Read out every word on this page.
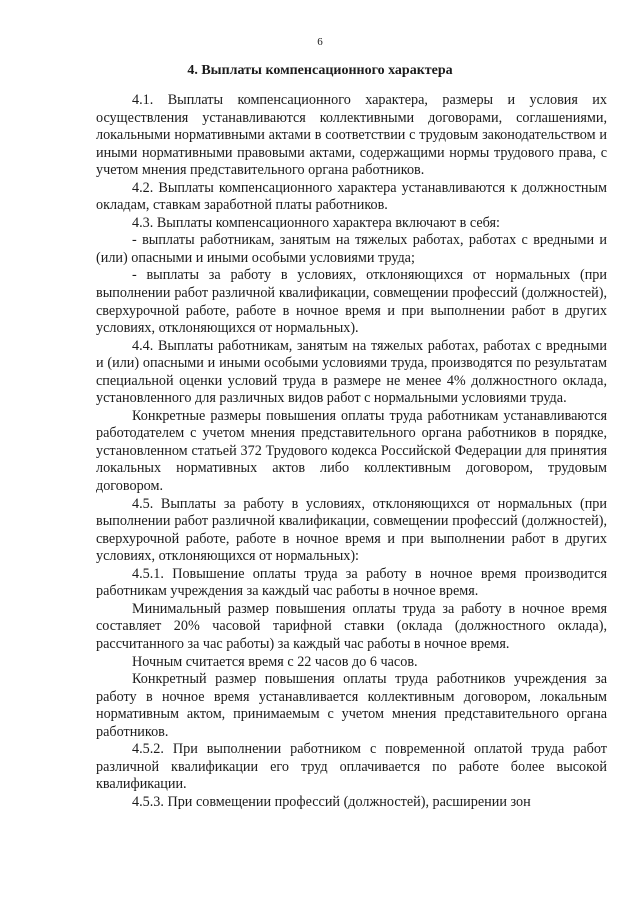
6
4. Выплаты компенсационного характера

4.1. Выплаты компенсационного характера, размеры и условия их осуществления устанавливаются коллективными договорами, соглашениями, локальными нормативными актами в соответствии с трудовым законодательством и иными нормативными правовыми актами, содержащими нормы трудового права, с учетом мнения представительного органа работников.

4.2. Выплаты компенсационного характера устанавливаются к должностным окладам, ставкам заработной платы работников.

4.3. Выплаты компенсационного характера включают в себя:

- выплаты работникам, занятым на тяжелых работах, работах с вредными и (или) опасными и иными особыми условиями труда;

- выплаты за работу в условиях, отклоняющихся от нормальных (при выполнении работ различной квалификации, совмещении профессий (должностей), сверхурочной работе, работе в ночное время и при выполнении работ в других условиях, отклоняющихся от нормальных).

4.4. Выплаты работникам, занятым на тяжелых работах, работах с вредными и (или) опасными и иными особыми условиями труда, производятся по результатам специальной оценки условий труда в размере не менее 4% должностного оклада, установленного для различных видов работ с нормальными условиями труда.

Конкретные размеры повышения оплаты труда работникам устанавливаются работодателем с учетом мнения представительного органа работников в порядке, установленном статьей 372 Трудового кодекса Российской Федерации для принятия локальных нормативных актов либо коллективным договором, трудовым договором.

4.5. Выплаты за работу в условиях, отклоняющихся от нормальных (при выполнении работ различной квалификации, совмещении профессий (должностей), сверхурочной работе, работе в ночное время и при выполнении работ в других условиях, отклоняющихся от нормальных):

4.5.1. Повышение оплаты труда за работу в ночное время производится работникам учреждения за каждый час работы в ночное время.

Минимальный размер повышения оплаты труда за работу в ночное время составляет 20% часовой тарифной ставки (оклада (должностного оклада), рассчитанного за час работы) за каждый час работы в ночное время.

Ночным считается время с 22 часов до 6 часов.

Конкретный размер повышения оплаты труда работников учреждения за работу в ночное время устанавливается коллективным договором, локальным нормативным актом, принимаемым с учетом мнения представительного органа работников.

4.5.2. При выполнении работником с повременной оплатой труда работ различной квалификации его труд оплачивается по работе более высокой квалификации.

4.5.3. При совмещении профессий (должностей), расширении зон
